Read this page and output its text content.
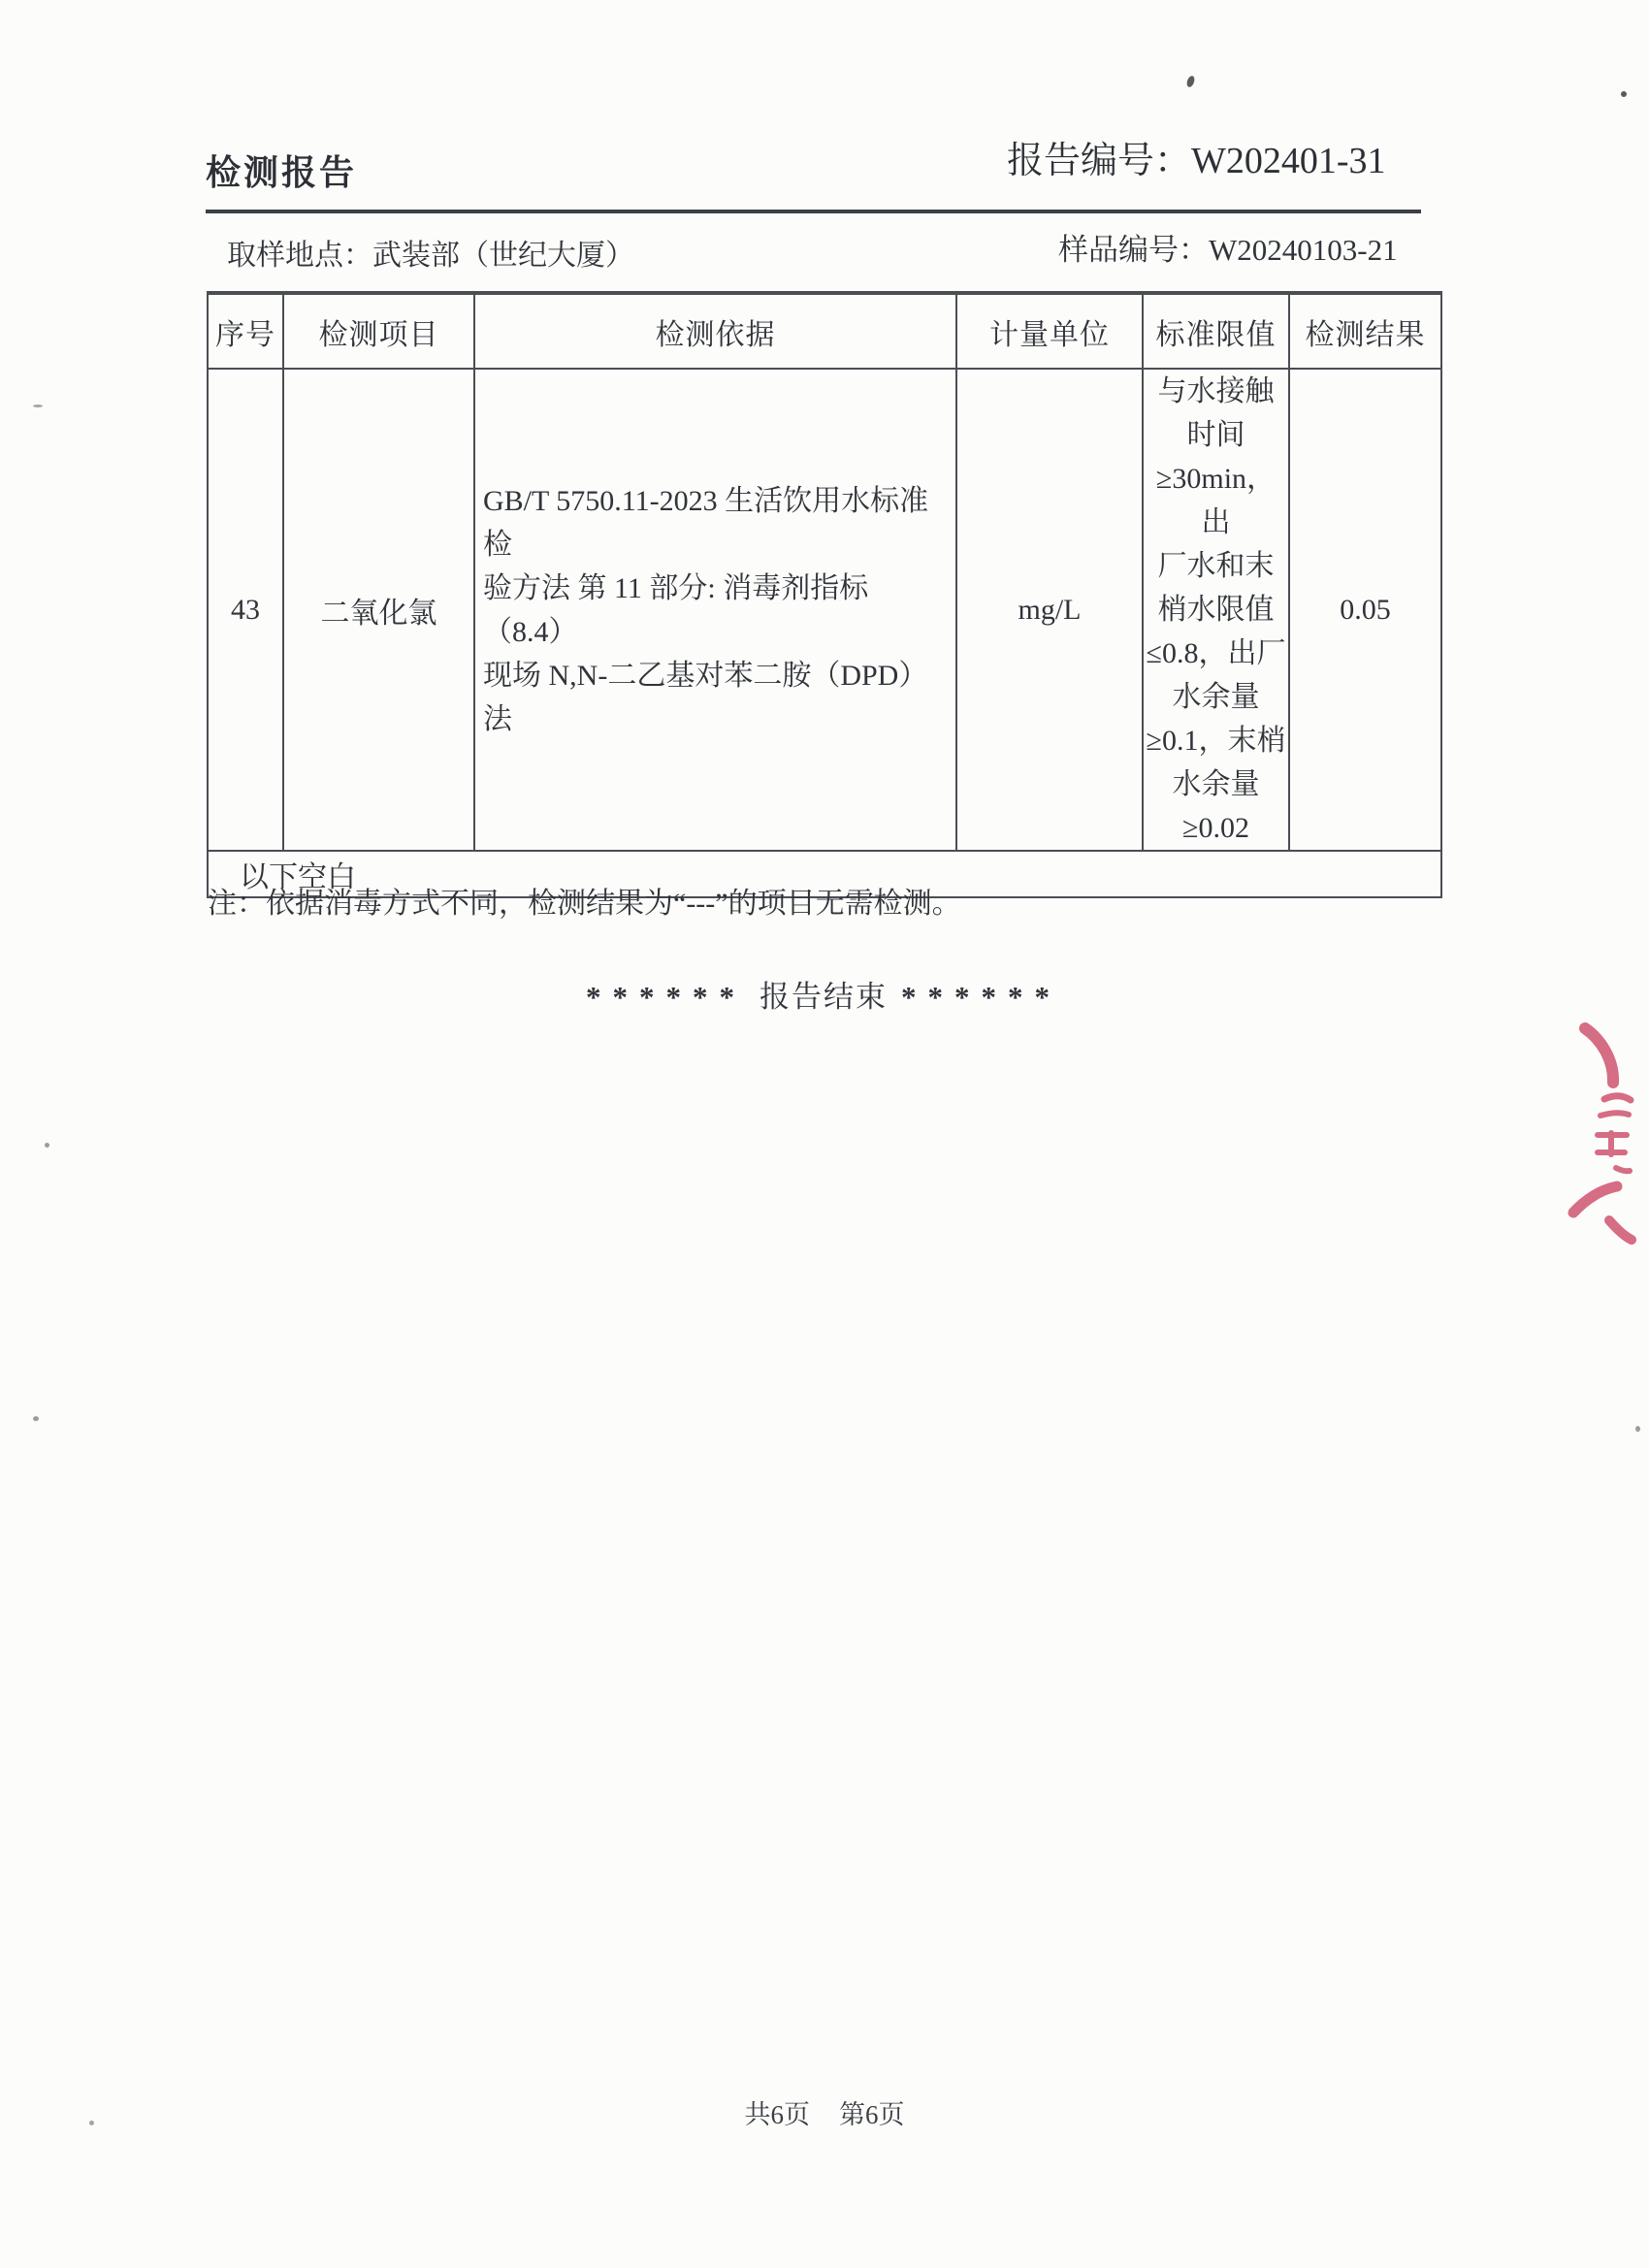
检测报告	报告编号：W202401-31
取样地点：武装部（世纪大厦）	样品编号：W20240103-21
序号	检测项目	检测依据	计量单位	标准限值	检测结果
43	二氧化氯	GB/T 5750.11-2023 生活饮用水标准检
验方法 第 11 部分: 消毒剂指标 （8.4）
现场 N,N-二乙基对苯二胺（DPD）法	mg/L	与水接触
时间
≥30min，出
厂水和末
梢水限值
≤0.8，出厂
水余量
≥0.1，末梢
水余量
≥0.02	0.05
以下空白					
注：依据消毒方式不同，检测结果为“---”的项目无需检测。
****** 报告结束 ******
共6页 第6页
